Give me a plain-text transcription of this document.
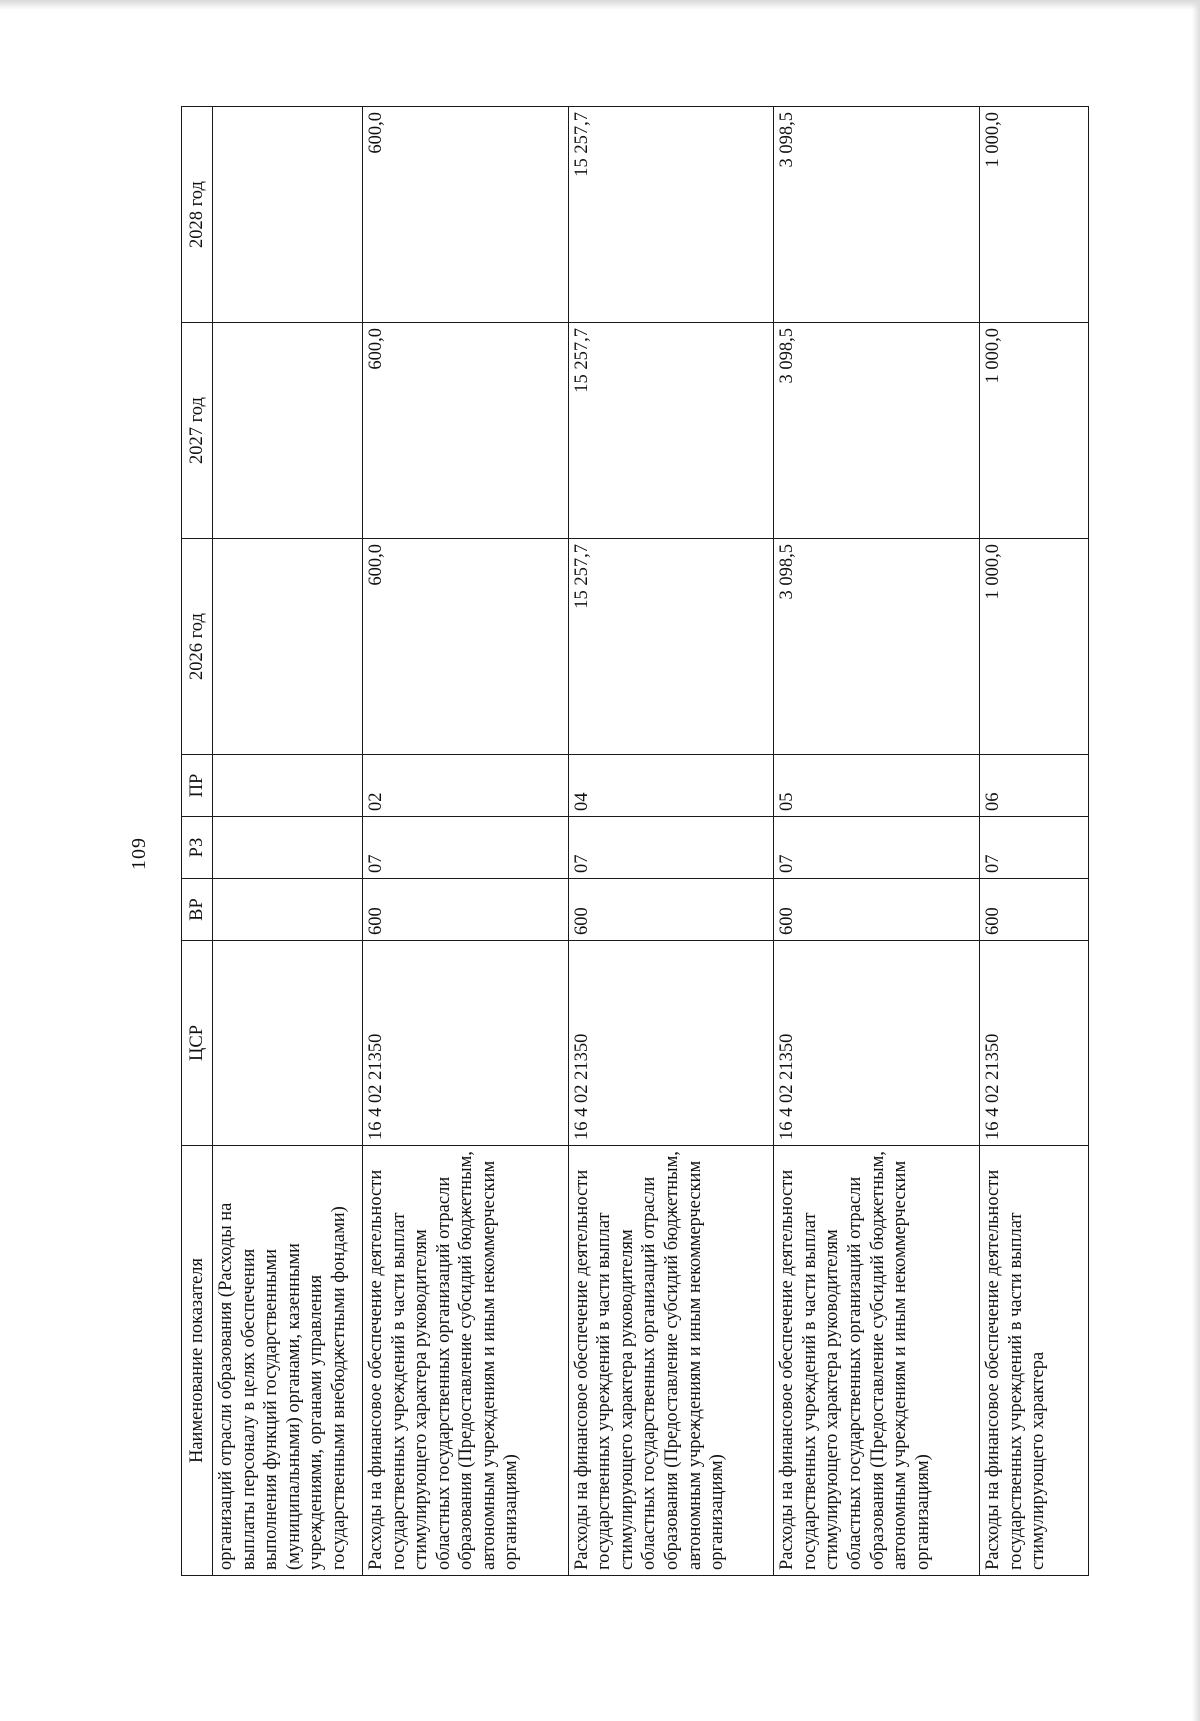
109
Наименование показателя	ЦСР	ВР	РЗ	ПР	2026 год	2027 год	2028 год
организаций отрасли образования (Расходы на выплаты персоналу в целях обеспечения выполнения функций государственными (муниципальными) органами, казенными учреждениями, органами управления государственными внебюджетными фондами)							
Расходы на финансовое обеспечение деятельности государственных учреждений в части выплат стимулирующего характера руководителям областных государственных организаций отрасли образования (Предоставление субсидий бюджетным, автономным учреждениям и иным некоммерческим организациям)	16 4 02 21350	600	07	02	600,0	600,0	600,0
Расходы на финансовое обеспечение деятельности государственных учреждений в части выплат стимулирующего характера руководителям областных государственных организаций отрасли образования (Предоставление субсидий бюджетным, автономным учреждениям и иным некоммерческим организациям)	16 4 02 21350	600	07	04	15 257,7	15 257,7	15 257,7
Расходы на финансовое обеспечение деятельности государственных учреждений в части выплат стимулирующего характера руководителям областных государственных организаций отрасли образования (Предоставление субсидий бюджетным, автономным учреждениям и иным некоммерческим организациям)	16 4 02 21350	600	07	05	3 098,5	3 098,5	3 098,5
Расходы на финансовое обеспечение деятельности государственных учреждений в части выплат стимулирующего характера	16 4 02 21350	600	07	06	1 000,0	1 000,0	1 000,0
